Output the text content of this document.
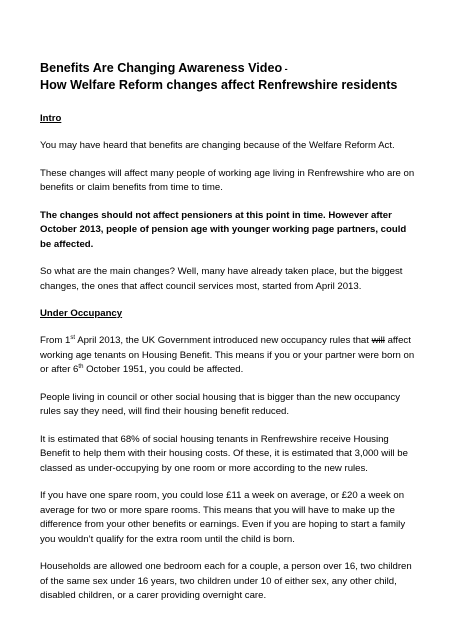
Benefits Are Changing Awareness Video -

How Welfare Reform changes affect Renfrewshire residents

Intro

You may have heard that benefits are changing because of the Welfare Reform Act.

These changes will affect many people of working age living in Renfrewshire who are on benefits or claim benefits from time to time.

The changes should not affect pensioners at this point in time. However after October 2013, people of pension age with younger working page partners, could be affected.

So what are the main changes? Well, many have already taken place, but the biggest changes, the ones that affect council services most, started from April 2013.

Under Occupancy

From 1st April 2013, the UK Government introduced new occupancy rules that will affect working age tenants on Housing Benefit. This means if you or your partner were born on or after 6th October 1951, you could be affected.

People living in council or other social housing that is bigger than the new occupancy rules say they need, will find their housing benefit reduced.

It is estimated that 68% of social housing tenants in Renfrewshire receive Housing Benefit to help them with their housing costs. Of these, it is estimated that 3,000 will be classed as under-occupying by one room or more according to the new rules.

If you have one spare room, you could lose £11 a week on average, or £20 a week on average for two or more spare rooms. This means that you will have to make up the difference from your other benefits or earnings. Even if you are hoping to start a family you wouldn’t qualify for the extra room until the child is born.

Households are allowed one bedroom each for a couple, a person over 16, two children of the same sex under 16 years, two children under 10 of either sex, any other child, disabled children, or a carer providing overnight care.
